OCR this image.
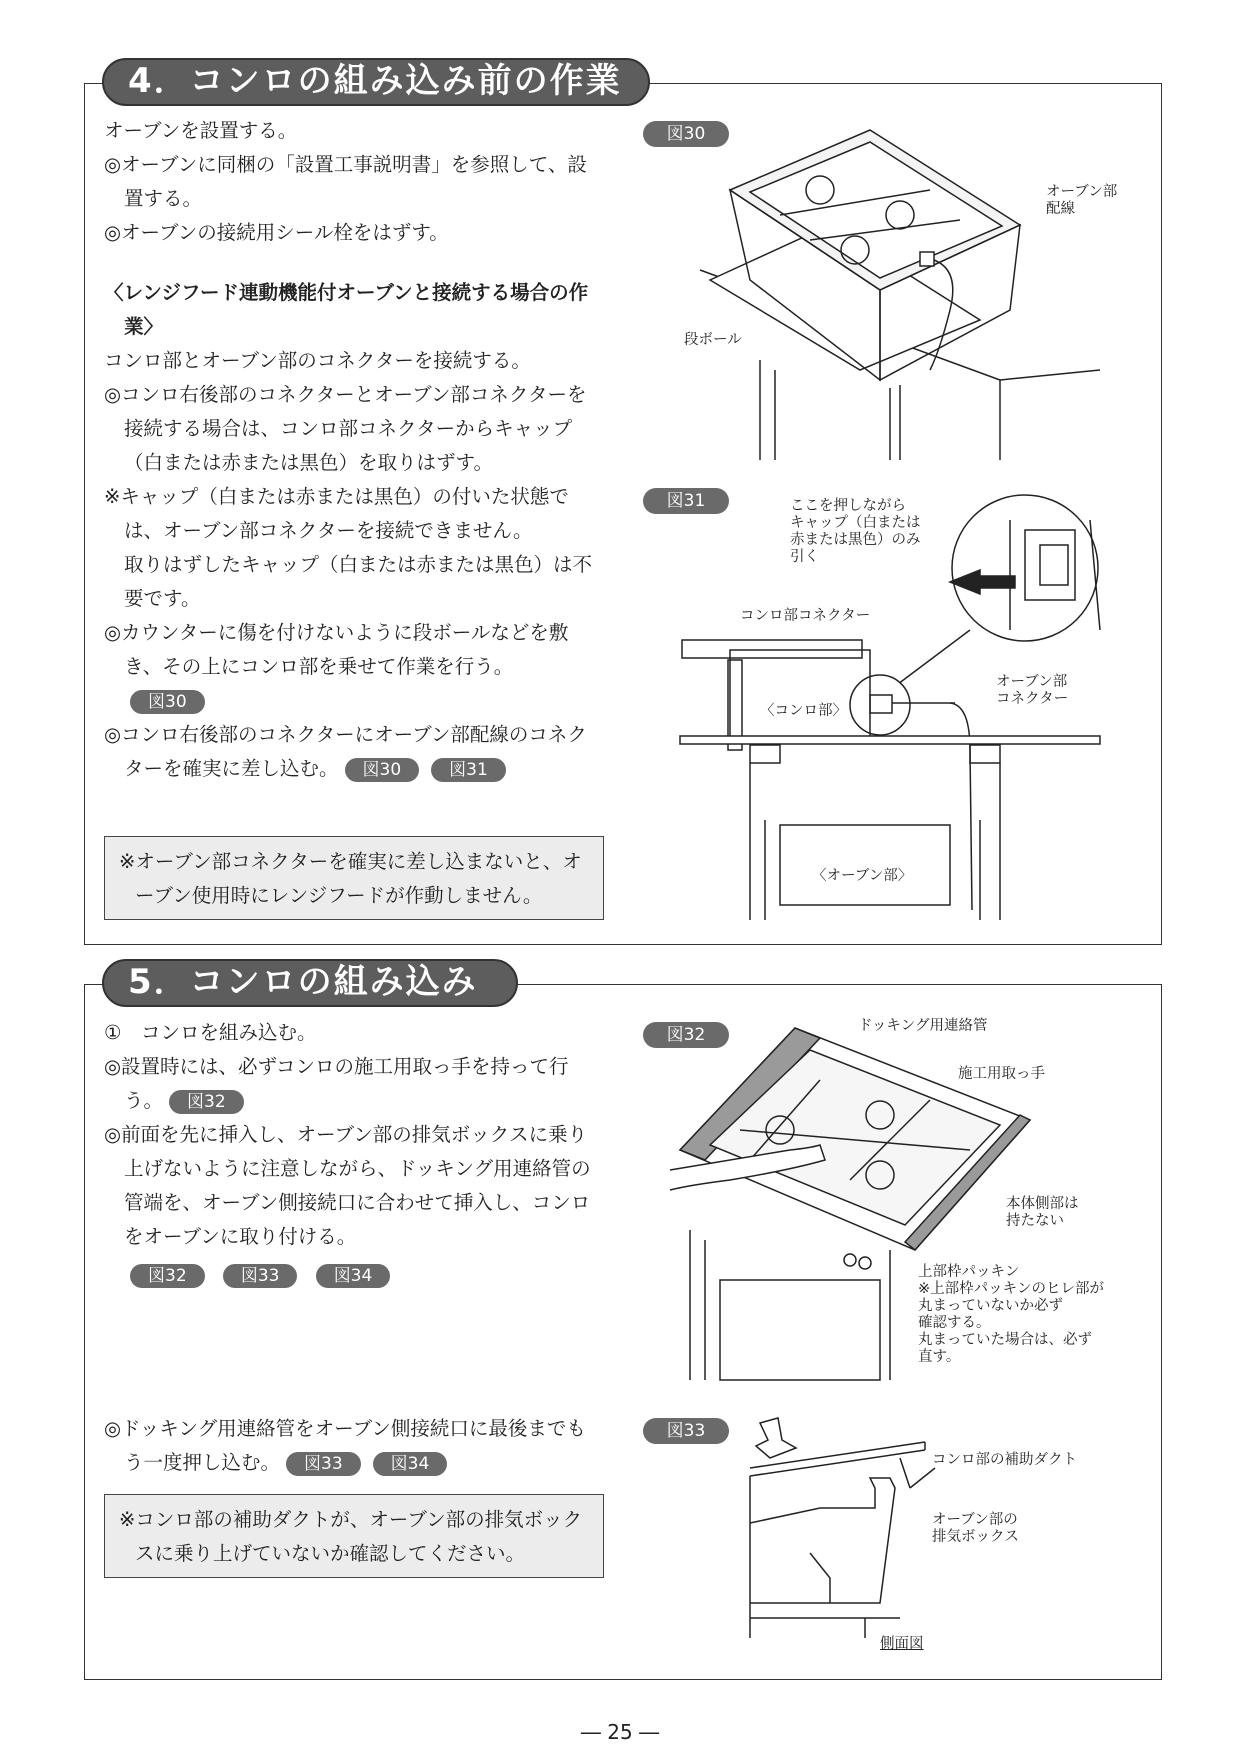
4．コンロの組み込み前の作業

オーブンを設置する。

◎オーブンに同梱の「設置工事説明書」を参照して、設置する。

◎オーブンの接続用シール栓をはずす。

〈レンジフード連動機能付オーブンと接続する場合の作業〉

コンロ部とオーブン部のコネクターを接続する。

◎コンロ右後部のコネクターとオーブン部コネクターを接続する場合は、コンロ部コネクターからキャップ（白または赤または黒色）を取りはずす。

※キャップ（白または赤または黒色）の付いた状態では、オーブン部コネクターを接続できません。

取りはずしたキャップ（白または赤または黒色）は不要です。

◎カウンターに傷を付けないように段ボールなどを敷き、その上にコンロ部を乗せて作業を行う。

図30

◎コンロ右後部のコネクターにオーブン部配線のコネクターを確実に差し込む。 図30	図31

※オーブン部コネクターを確実に差し込まないと、オーブン使用時にレンジフードが作動しません。
図30
オーブン部
配線
段ボール
図31	ここを押しながら
キャップ（白または
赤または黒色）のみ
引く
コンロ部コネクター
〈コンロ部〉
オーブン部
コネクター
〈オーブン部〉
5．コンロの組み込み

①　コンロを組み込む。

◎設置時には、必ずコンロの施工用取っ手を持って行う。 図32

◎前面を先に挿入し、オーブン部の排気ボックスに乗り上げないように注意しながら、ドッキング用連絡管の管端を、オーブン側接続口に合わせて挿入し、コンロをオーブンに取り付ける。

図32	図33	図34

◎ドッキング用連絡管をオーブン側接続口に最後までもう一度押し込む。 図33	図34

※コンロ部の補助ダクトが、オーブン部の排気ボックスに乗り上げていないか確認してください。
図32	ドッキング用連絡管
施工用取っ手
本体側部は
持たない
上部枠パッキン
※上部枠パッキンのヒレ部が
丸まっていないか必ず
確認する。
丸まっていた場合は、必ず
直す。
図33
コンロ部の補助ダクト
オーブン部の
排気ボックス
側面図
― 25 ―
